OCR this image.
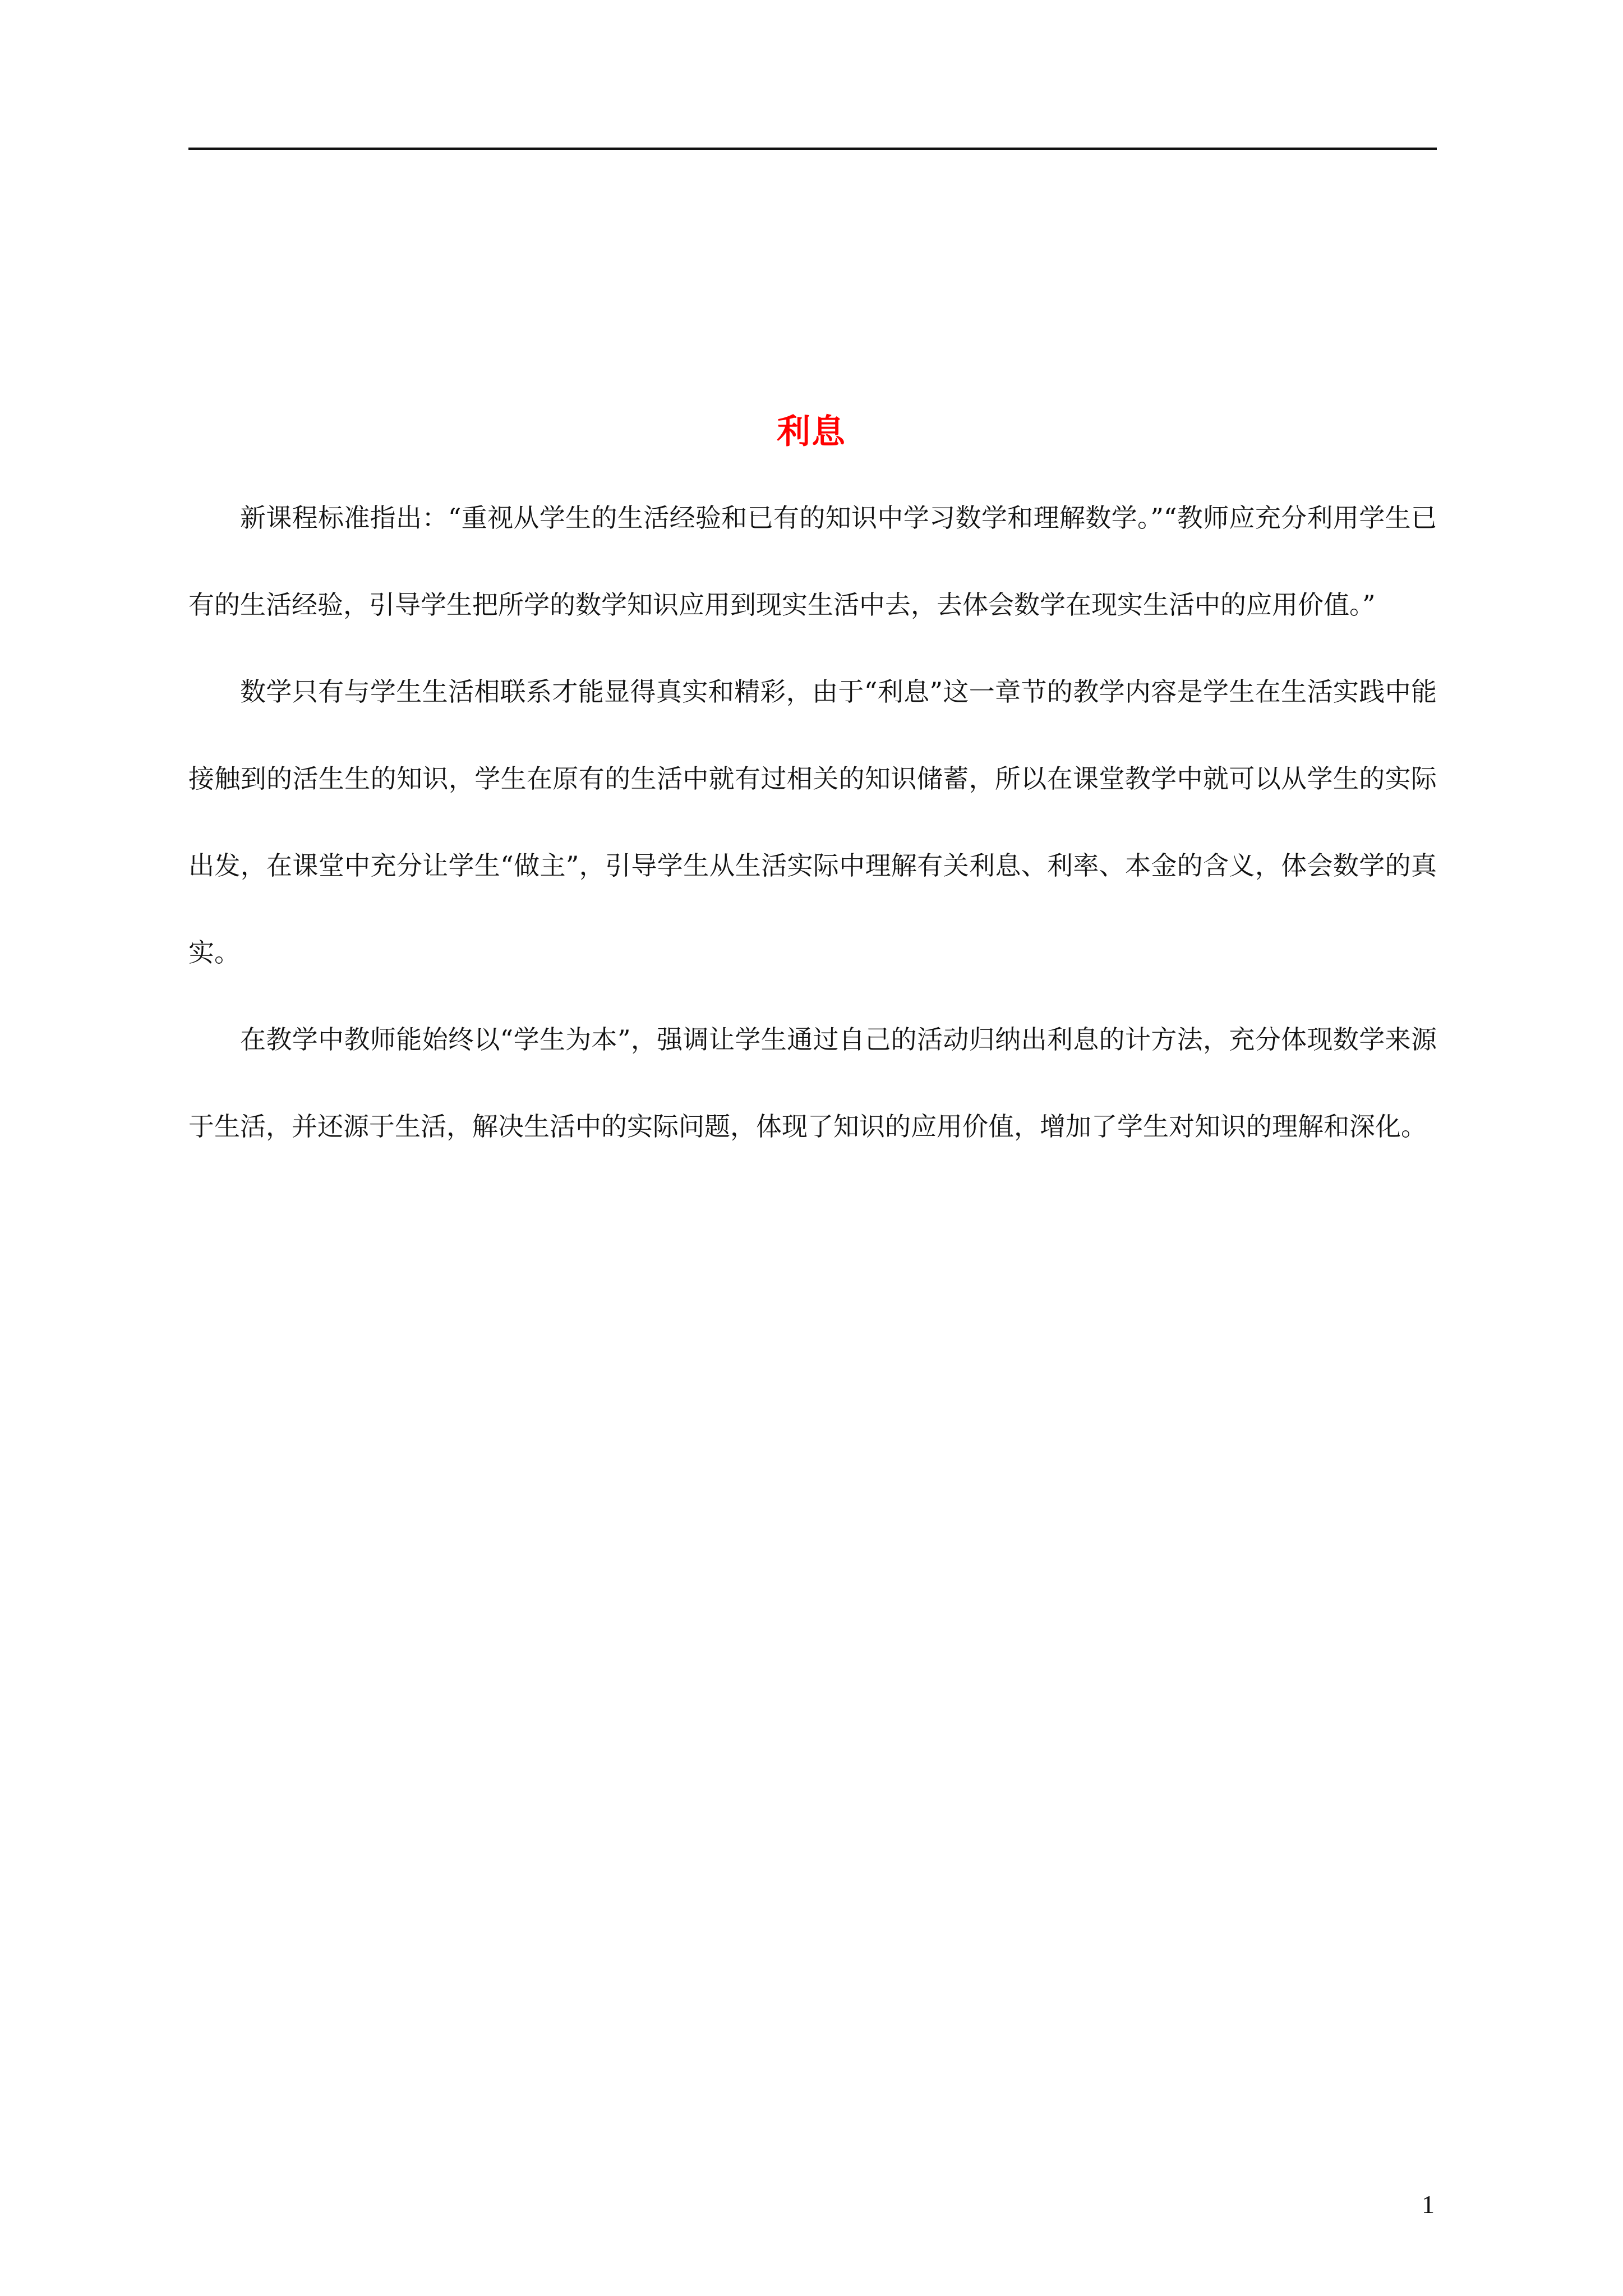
利息

新课程标准指出：“重视从学生的生活经验和已有的知识中学习数学和理解数学。”“教师应充分利用学生已有的生活经验，引导学生把所学的数学知识应用到现实生活中去，去体会数学在现实生活中的应用价值。”

数学只有与学生生活相联系才能显得真实和精彩，由于“利息”这一章节的教学内容是学生在生活实践中能接触到的活生生的知识，学生在原有的生活中就有过相关的知识储蓄，所以在课堂教学中就可以从学生的实际出发，在课堂中充分让学生“做主”，引导学生从生活实际中理解有关利息、利率、本金的含义，体会数学的真实。

在教学中教师能始终以“学生为本”，强调让学生通过自己的活动归纳出利息的计方法，充分体现数学来源于生活，并还源于生活，解决生活中的实际问题，体现了知识的应用价值，增加了学生对知识的理解和深化。

1
